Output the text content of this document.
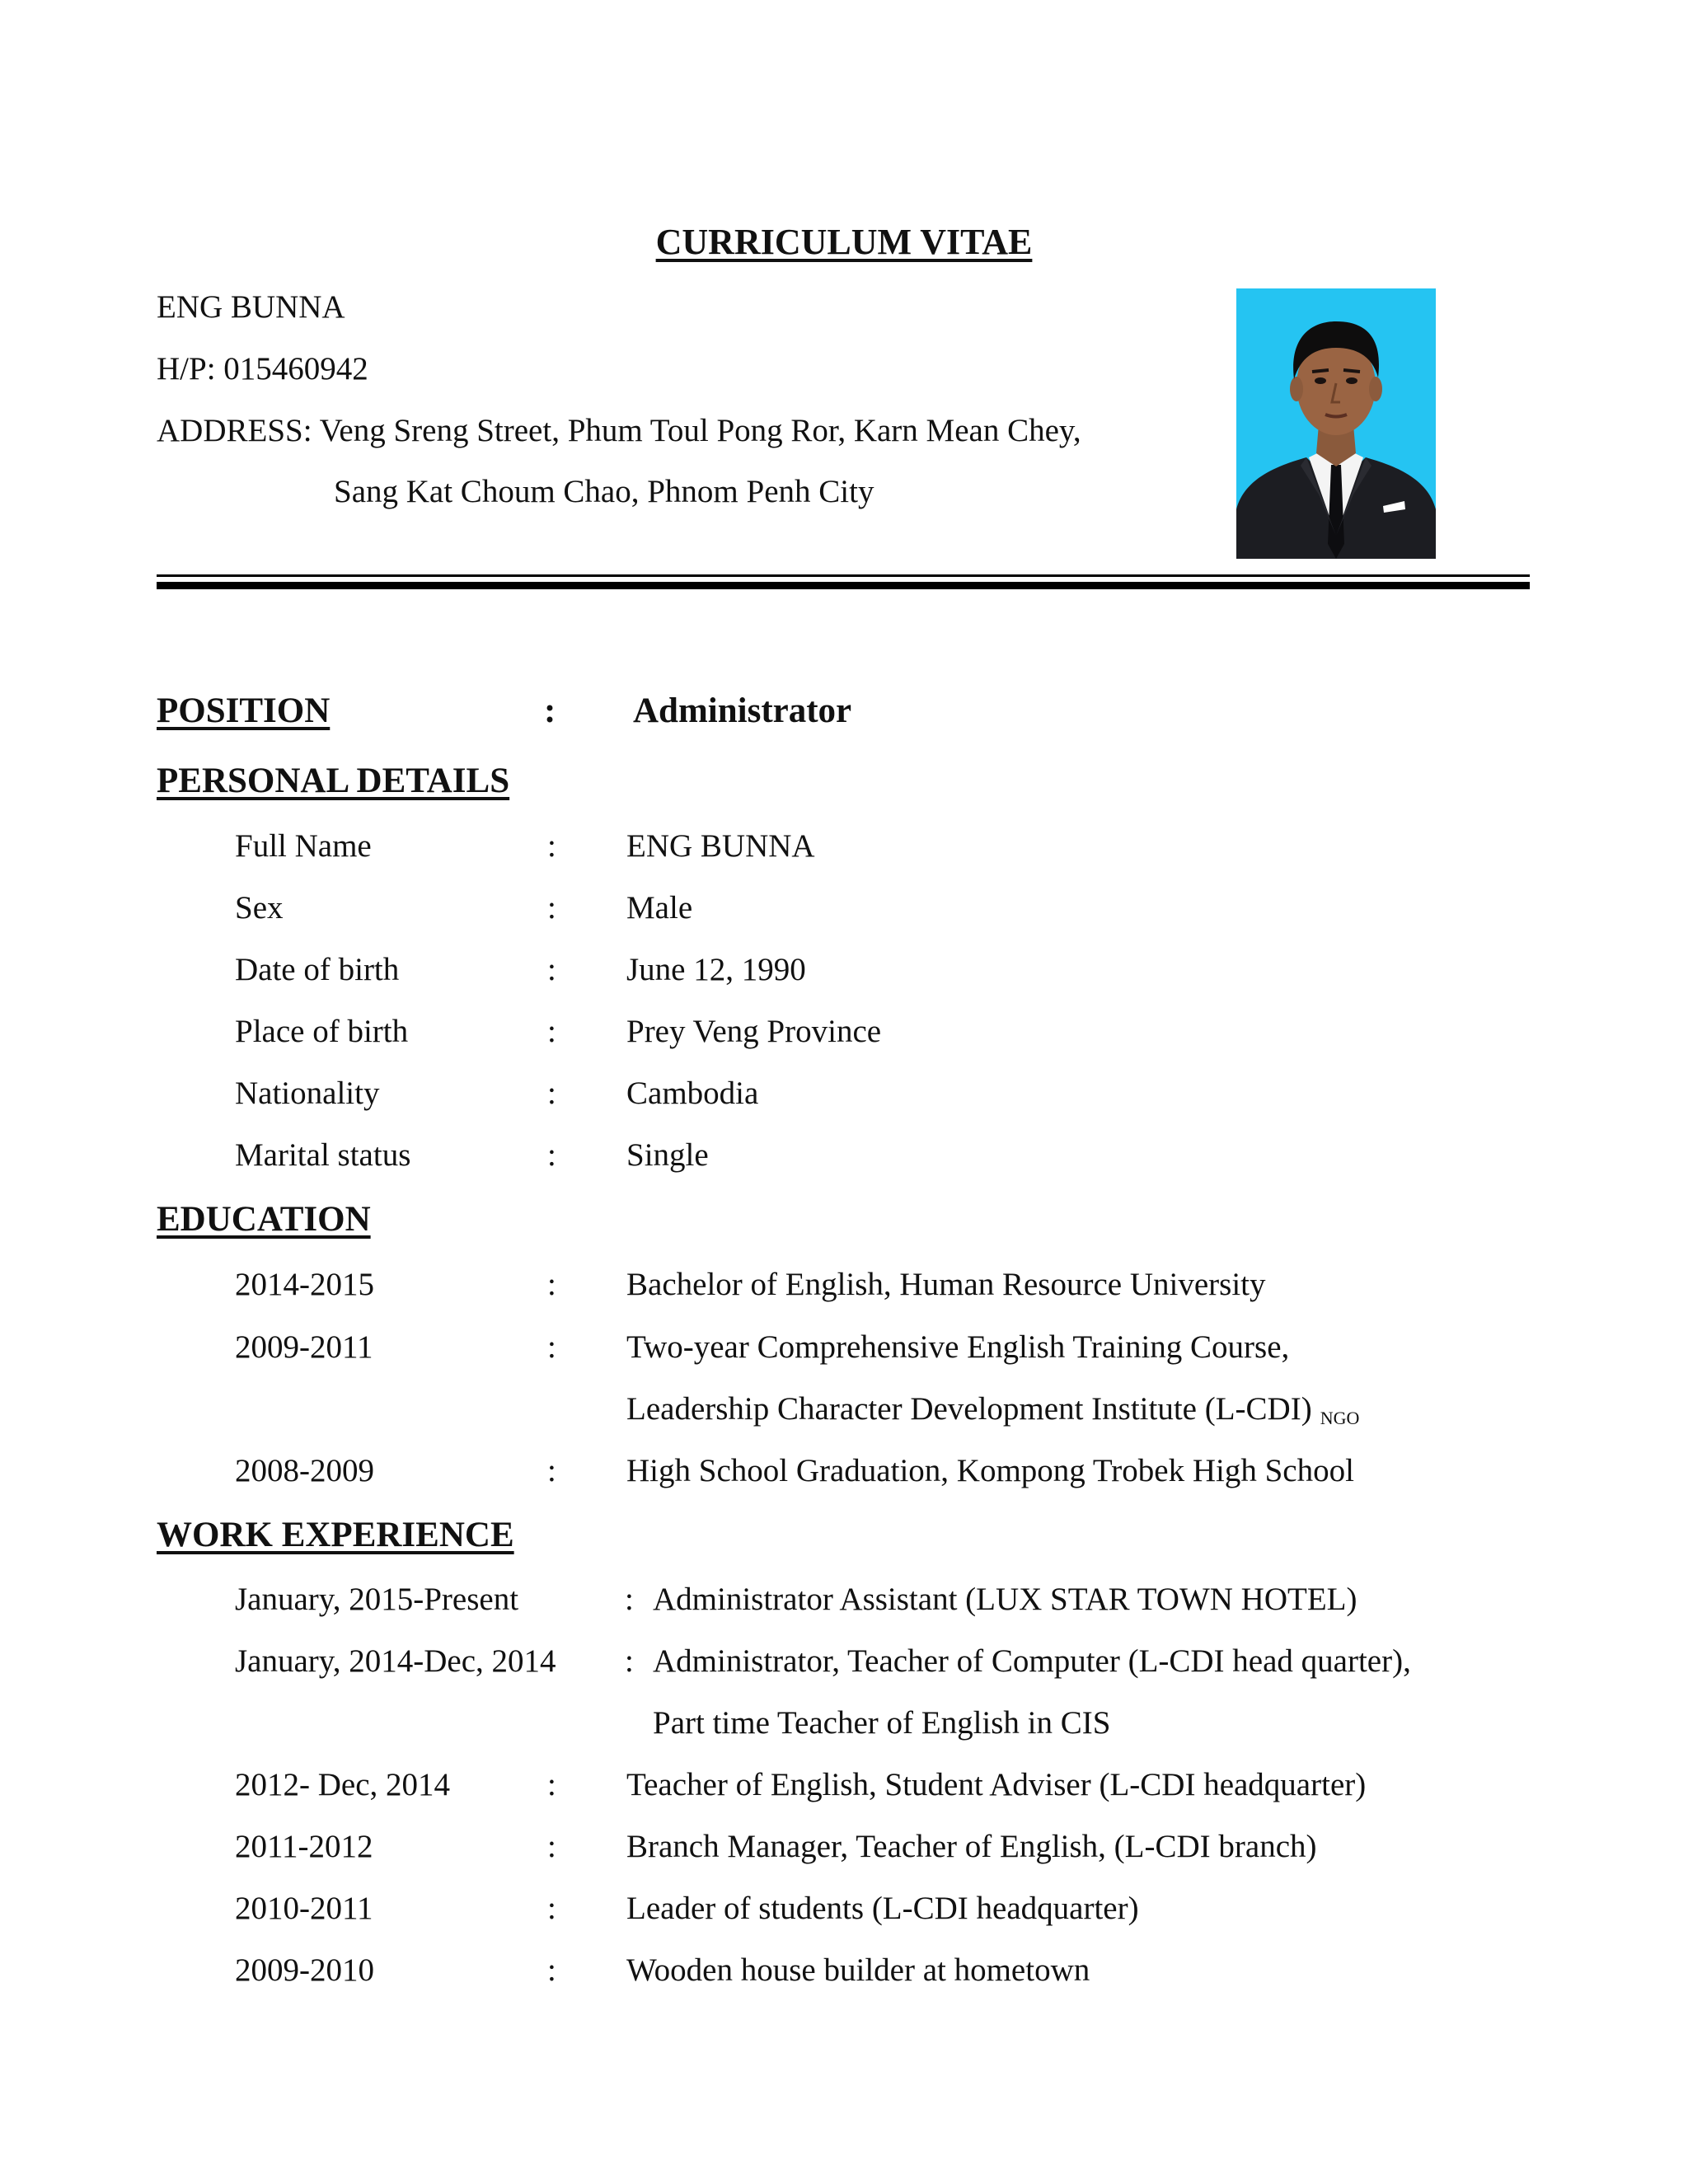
CURRICULUM VITAE
ENG BUNNA
H/P: 015460942
ADDRESS: Veng Sreng Street, Phum Toul Pong Ror, Karn Mean Chey,
Sang Kat Choum Chao, Phnom Penh City
POSITION	: Administrator
PERSONAL DETAILS
Full Name	: ENG BUNNA
Sex	: Male
Date of birth	: June 12, 1990
Place of birth	: Prey Veng Province
Nationality	: Cambodia
Marital status	: Single
EDUCATION
2014-2015	: Bachelor of English, Human Resource University
2009-2011	: Two-year Comprehensive English Training Course,
Leadership Character Development Institute (L-CDI) $_{NGO}$
2008-2009	: High School Graduation, Kompong Trobek High School
WORK EXPERIENCE
January, 2015-Present	: Administrator Assistant (LUX STAR TOWN HOTEL)
January, 2014-Dec, 2014 : Administrator, Teacher of Computer (L-CDI head quarter),
Part time Teacher of English in CIS
2012- Dec, 2014	: Teacher of English, Student Adviser (L-CDI headquarter)
2011-2012	: Branch Manager, Teacher of English, (L-CDI branch)
2010-2011	: Leader of students (L-CDI headquarter)
2009-2010	: Wooden house builder at hometown
